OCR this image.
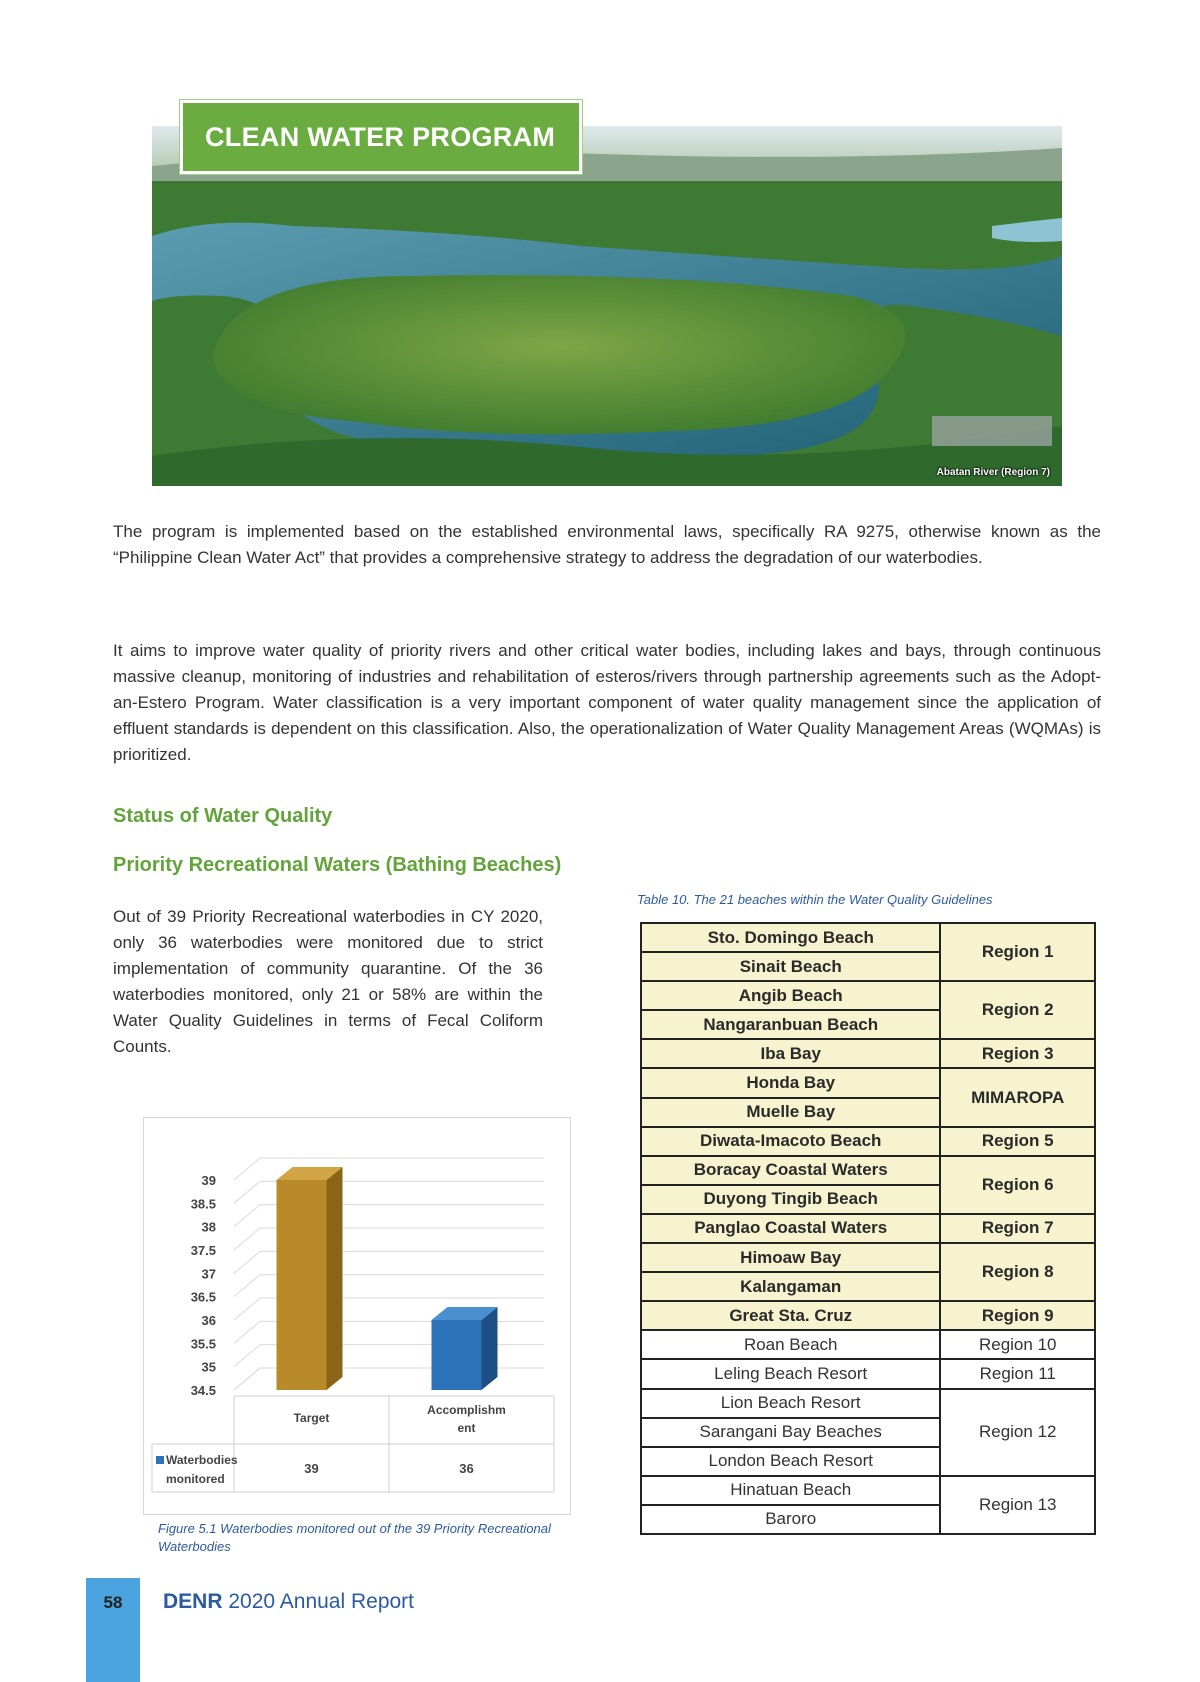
Abatan River (Region 7)
CLEAN WATER PROGRAM

The program is implemented based on the established environmental laws, specifically RA 9275, otherwise known as the “Philippine Clean Water Act” that provides a comprehensive strategy to address the degradation of our waterbodies.

It aims to improve water quality of priority rivers and other critical water bodies, including lakes and bays, through continuous massive cleanup, monitoring of industries and rehabilitation of esteros/rivers through partnership agreements such as the Adopt-an-Estero Program. Water classification is a very important component of water quality management since the application of effluent standards is dependent on this classification. Also, the operationalization of Water Quality Management Areas (WQMAs) is prioritized.

Status of Water Quality
Priority Recreational Waters (Bathing Beaches)

Out of 39 Priority Recreational waterbodies in CY 2020, only 36 waterbodies were monitored due to strict implementation of community quarantine. Of the 36 waterbodies monitored, only 21 or 58% are within the Water Quality Guidelines in terms of Fecal Coliform Counts.

39
38.5
38
37.5
37
36.5
36
35.5
35
34.5
Target
Accomplishm ent
Waterbodies
monitored
39	36
Figure 5.1 Waterbodies monitored out of the 39 Priority Recreational Waterbodies
Table 10. The 21 beaches within the Water Quality Guidelines
Sto. Domingo Beach	Region 1
Sinait Beach	
Angib Beach	Region 2
Nangaranbuan Beach	
Iba Bay	Region 3
Honda Bay	MIMAROPA
Muelle Bay	
Diwata-Imacoto Beach	Region 5
Boracay Coastal Waters	Region 6
Duyong Tingib Beach	
Panglao Coastal Waters	Region 7
Himoaw Bay	Region 8
Kalangaman	
Great Sta. Cruz	Region 9
Roan Beach	Region 10
Leling Beach Resort	Region 11
Lion Beach Resort	Region 12
Sarangani Bay Beaches	
London Beach Resort	
Hinatuan Beach	Region 13
Baroro	
58	DENR 2020 Annual Report
